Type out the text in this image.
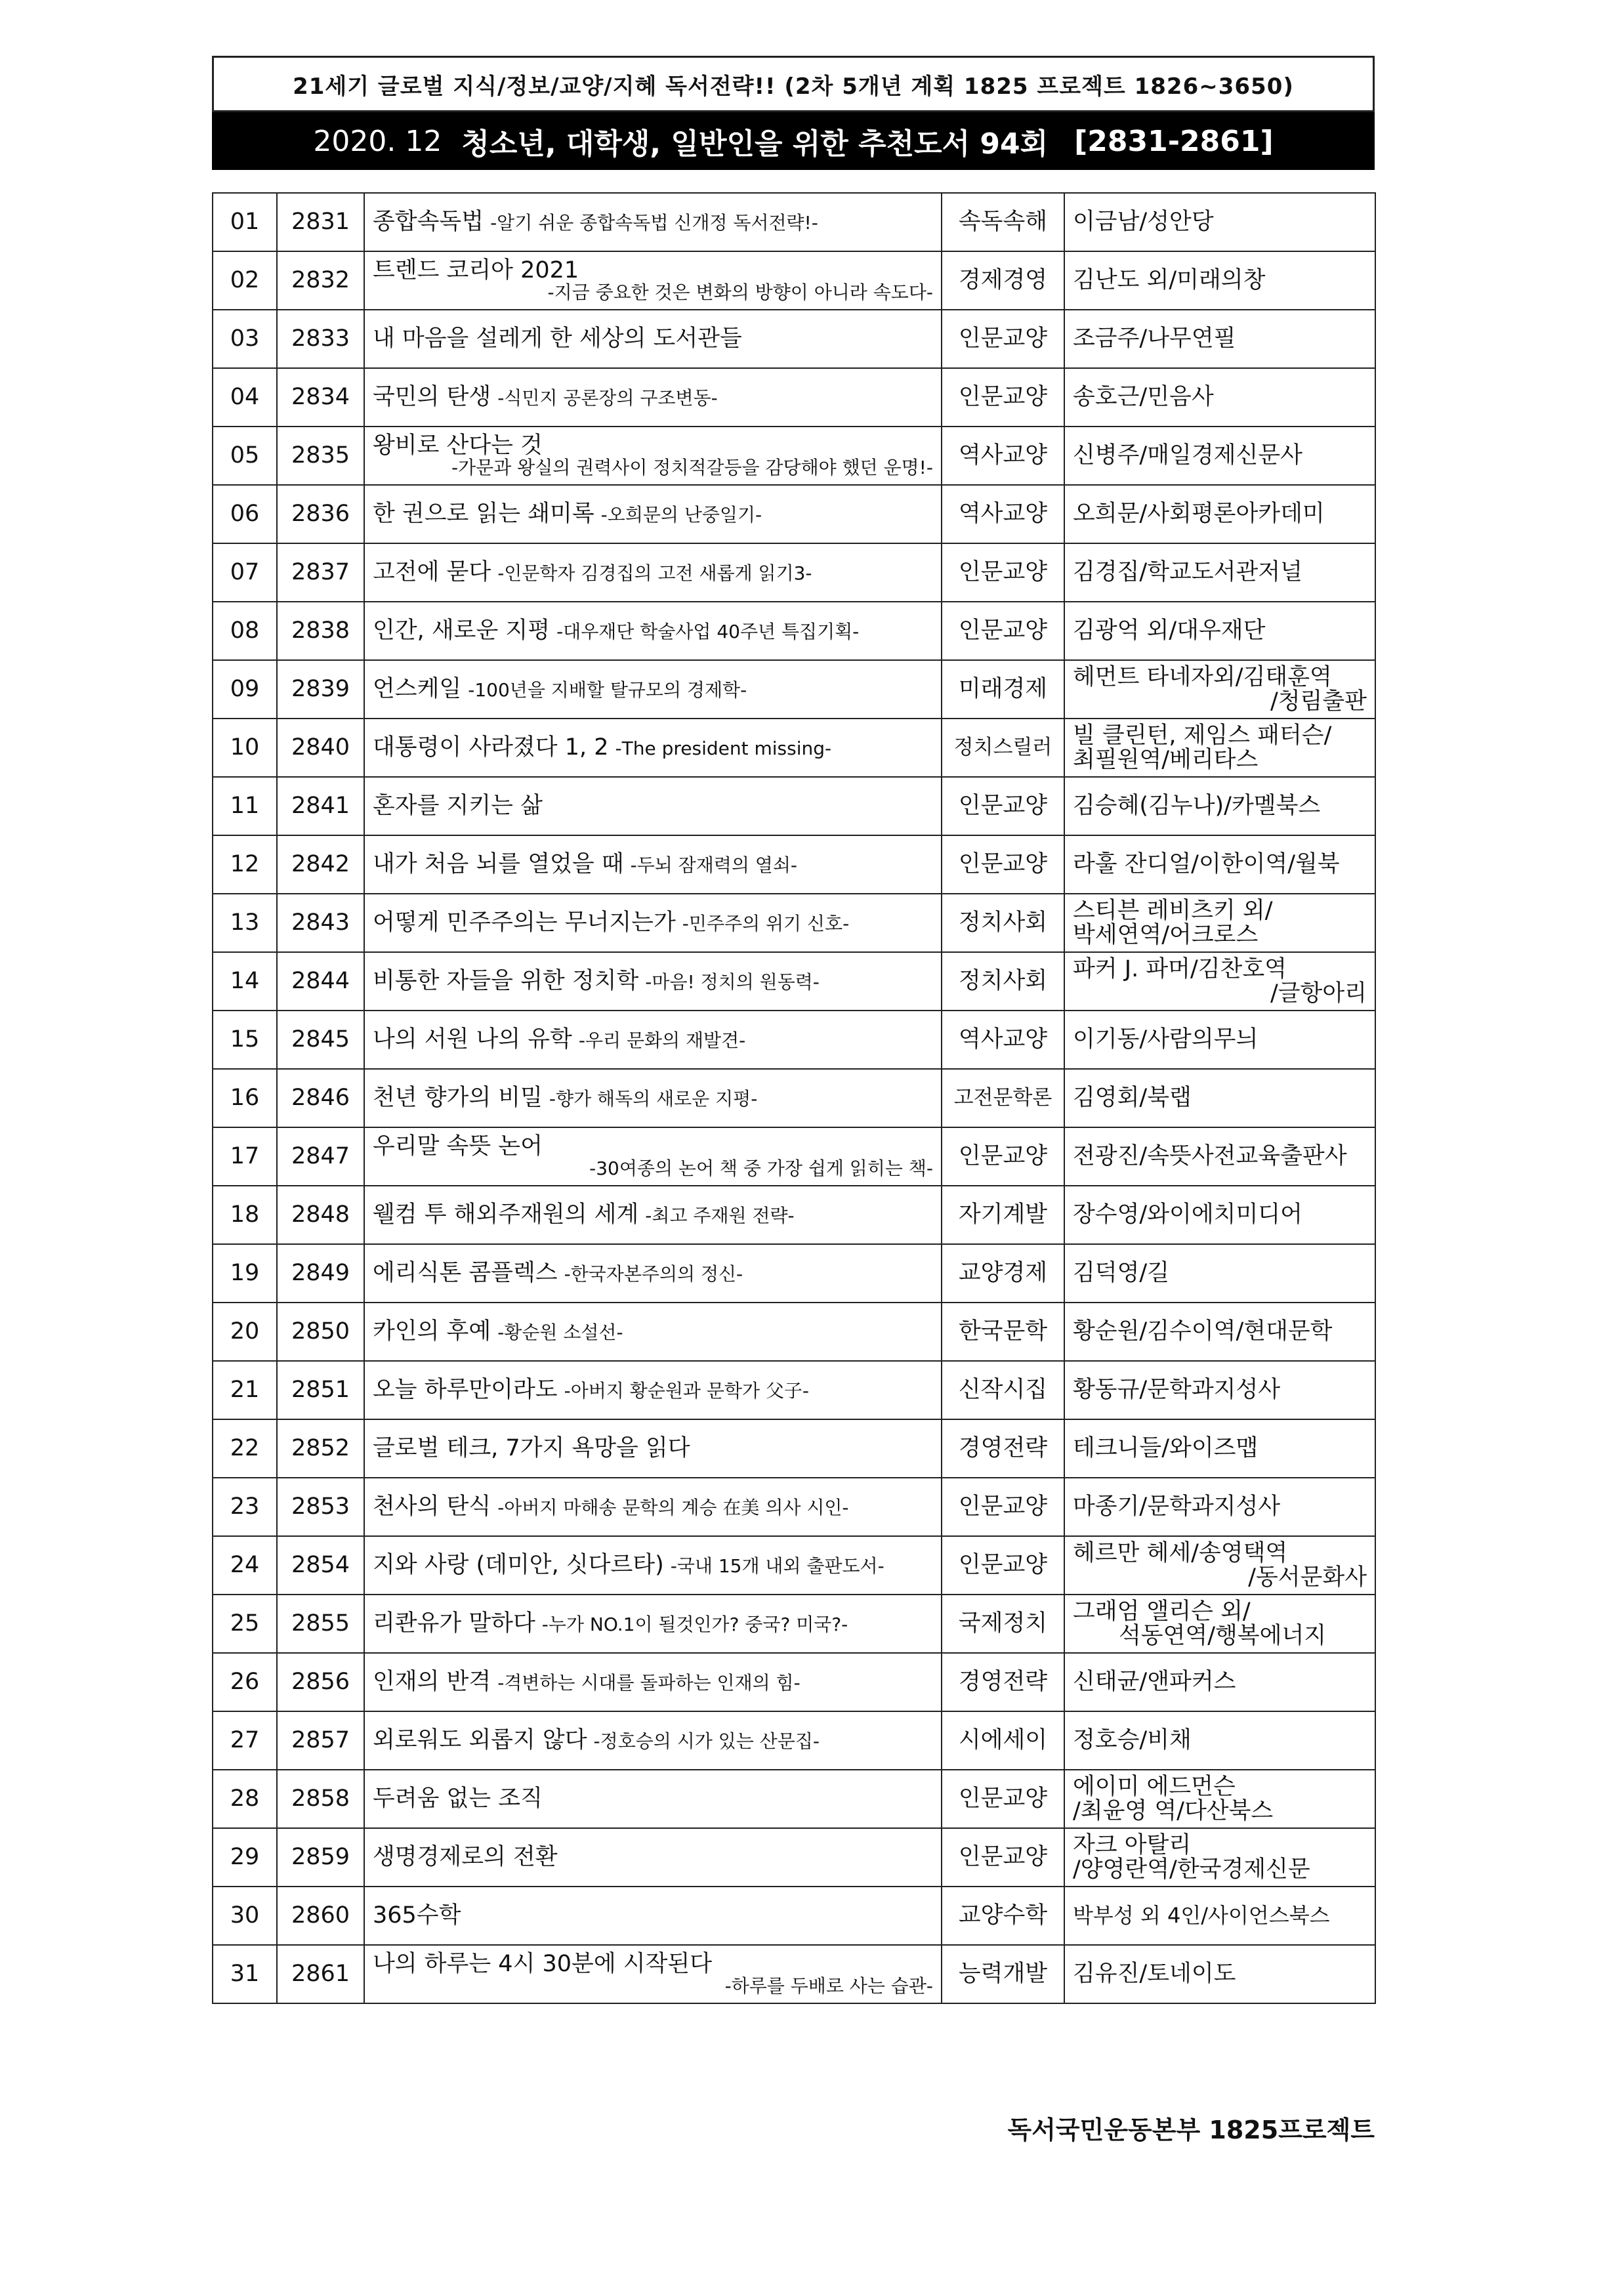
21세기 글로벌 지식/정보/교양/지혜 독서전략!! (2차 5개년 계획 1825 프로젝트 1826~3650)
2020. 12 청소년, 대학생, 일반인을 위한 추천도서 94회 [2831-2861]
01	2831	종합속독법 -알기 쉬운 종합속독법 신개정 독서전략!-	속독속해	이금남/성안당

02	2832	트렌드 코리아 2021
-지금 중요한 것은 변화의 방향이 아니라 속도다-	경제경영	김난도 외/미래의창

03	2833	내 마음을 설레게 한 세상의 도서관들	인문교양	조금주/나무연필

04	2834	국민의 탄생 -식민지 공론장의 구조변동-	인문교양	송호근/민음사

05	2835	왕비로 산다는 것
-가문과 왕실의 권력사이 정치적갈등을 감당해야 했던 운명!-	역사교양	신병주/매일경제신문사

06	2836	한 권으로 읽는 쇄미록 -오희문의 난중일기-	역사교양	오희문/사회평론아카데미

07	2837	고전에 묻다 -인문학자 김경집의 고전 새롭게 읽기3-	인문교양	김경집/학교도서관저널

08	2838	인간, 새로운 지평 -대우재단 학술사업 40주년 특집기획-	인문교양	김광억 외/대우재단

09	2839	언스케일 -100년을 지배할 탈규모의 경제학-	미래경제	헤먼트 타네자외/김태훈역
/청림출판

10	2840	대통령이 사라졌다 1, 2 -The president missing-	정치스릴러	빌 클린턴, 제임스 패터슨/
최필원역/베리타스

11	2841	혼자를 지키는 삶	인문교양	김승혜(김누나)/카멜북스

12	2842	내가 처음 뇌를 열었을 때 -두뇌 잠재력의 열쇠-	인문교양	라훌 잔디얼/이한이역/월북

13	2843	어떻게 민주주의는 무너지는가 -민주주의 위기 신호-	정치사회	스티븐 레비츠키 외/
박세연역/어크로스

14	2844	비통한 자들을 위한 정치학 -마음! 정치의 원동력-	정치사회	파커 J. 파머/김찬호역
/글항아리

15	2845	나의 서원 나의 유학 -우리 문화의 재발견-	역사교양	이기동/사람의무늬

16	2846	천년 향가의 비밀 -향가 해독의 새로운 지평-	고전문학론	김영회/북랩

17	2847	우리말 속뜻 논어
-30여종의 논어 책 중 가장 쉽게 읽히는 책-	인문교양	전광진/속뜻사전교육출판사

18	2848	웰컴 투 해외주재원의 세계 -최고 주재원 전략-	자기계발	장수영/와이에치미디어

19	2849	에리식톤 콤플렉스 -한국자본주의의 정신-	교양경제	김덕영/길

20	2850	카인의 후예 -황순원 소설선-	한국문학	황순원/김수이역/현대문학

21	2851	오늘 하루만이라도 -아버지 황순원과 문학가 父子-	신작시집	황동규/문학과지성사

22	2852	글로벌 테크, 7가지 욕망을 읽다	경영전략	테크니들/와이즈맵

23	2853	천사의 탄식 -아버지 마해송 문학의 계승 在美 의사 시인-	인문교양	마종기/문학과지성사

24	2854	지와 사랑 (데미안, 싯다르타) -국내 15개 내외 출판도서-	인문교양	헤르만 헤세/송영택역
/동서문화사

25	2855	리콴유가 말하다 -누가 NO.1이 될것인가? 중국? 미국?-	국제정치	그래엄 앨리슨 외/
석동연역/행복에너지

26	2856	인재의 반격 -격변하는 시대를 돌파하는 인재의 힘-	경영전략	신태균/앤파커스

27	2857	외로워도 외롭지 않다 -정호승의 시가 있는 산문집-	시에세이	정호승/비채

28	2858	두려움 없는 조직	인문교양	에이미 에드먼슨
/최윤영 역/다산북스

29	2859	생명경제로의 전환	인문교양	자크 아탈리
/양영란역/한국경제신문

30	2860	365수학	교양수학	박부성 외 4인/사이언스북스

31	2861	나의 하루는 4시 30분에 시작된다
-하루를 두배로 사는 습관-	능력개발	김유진/토네이도
독서국민운동본부 1825프로젝트
